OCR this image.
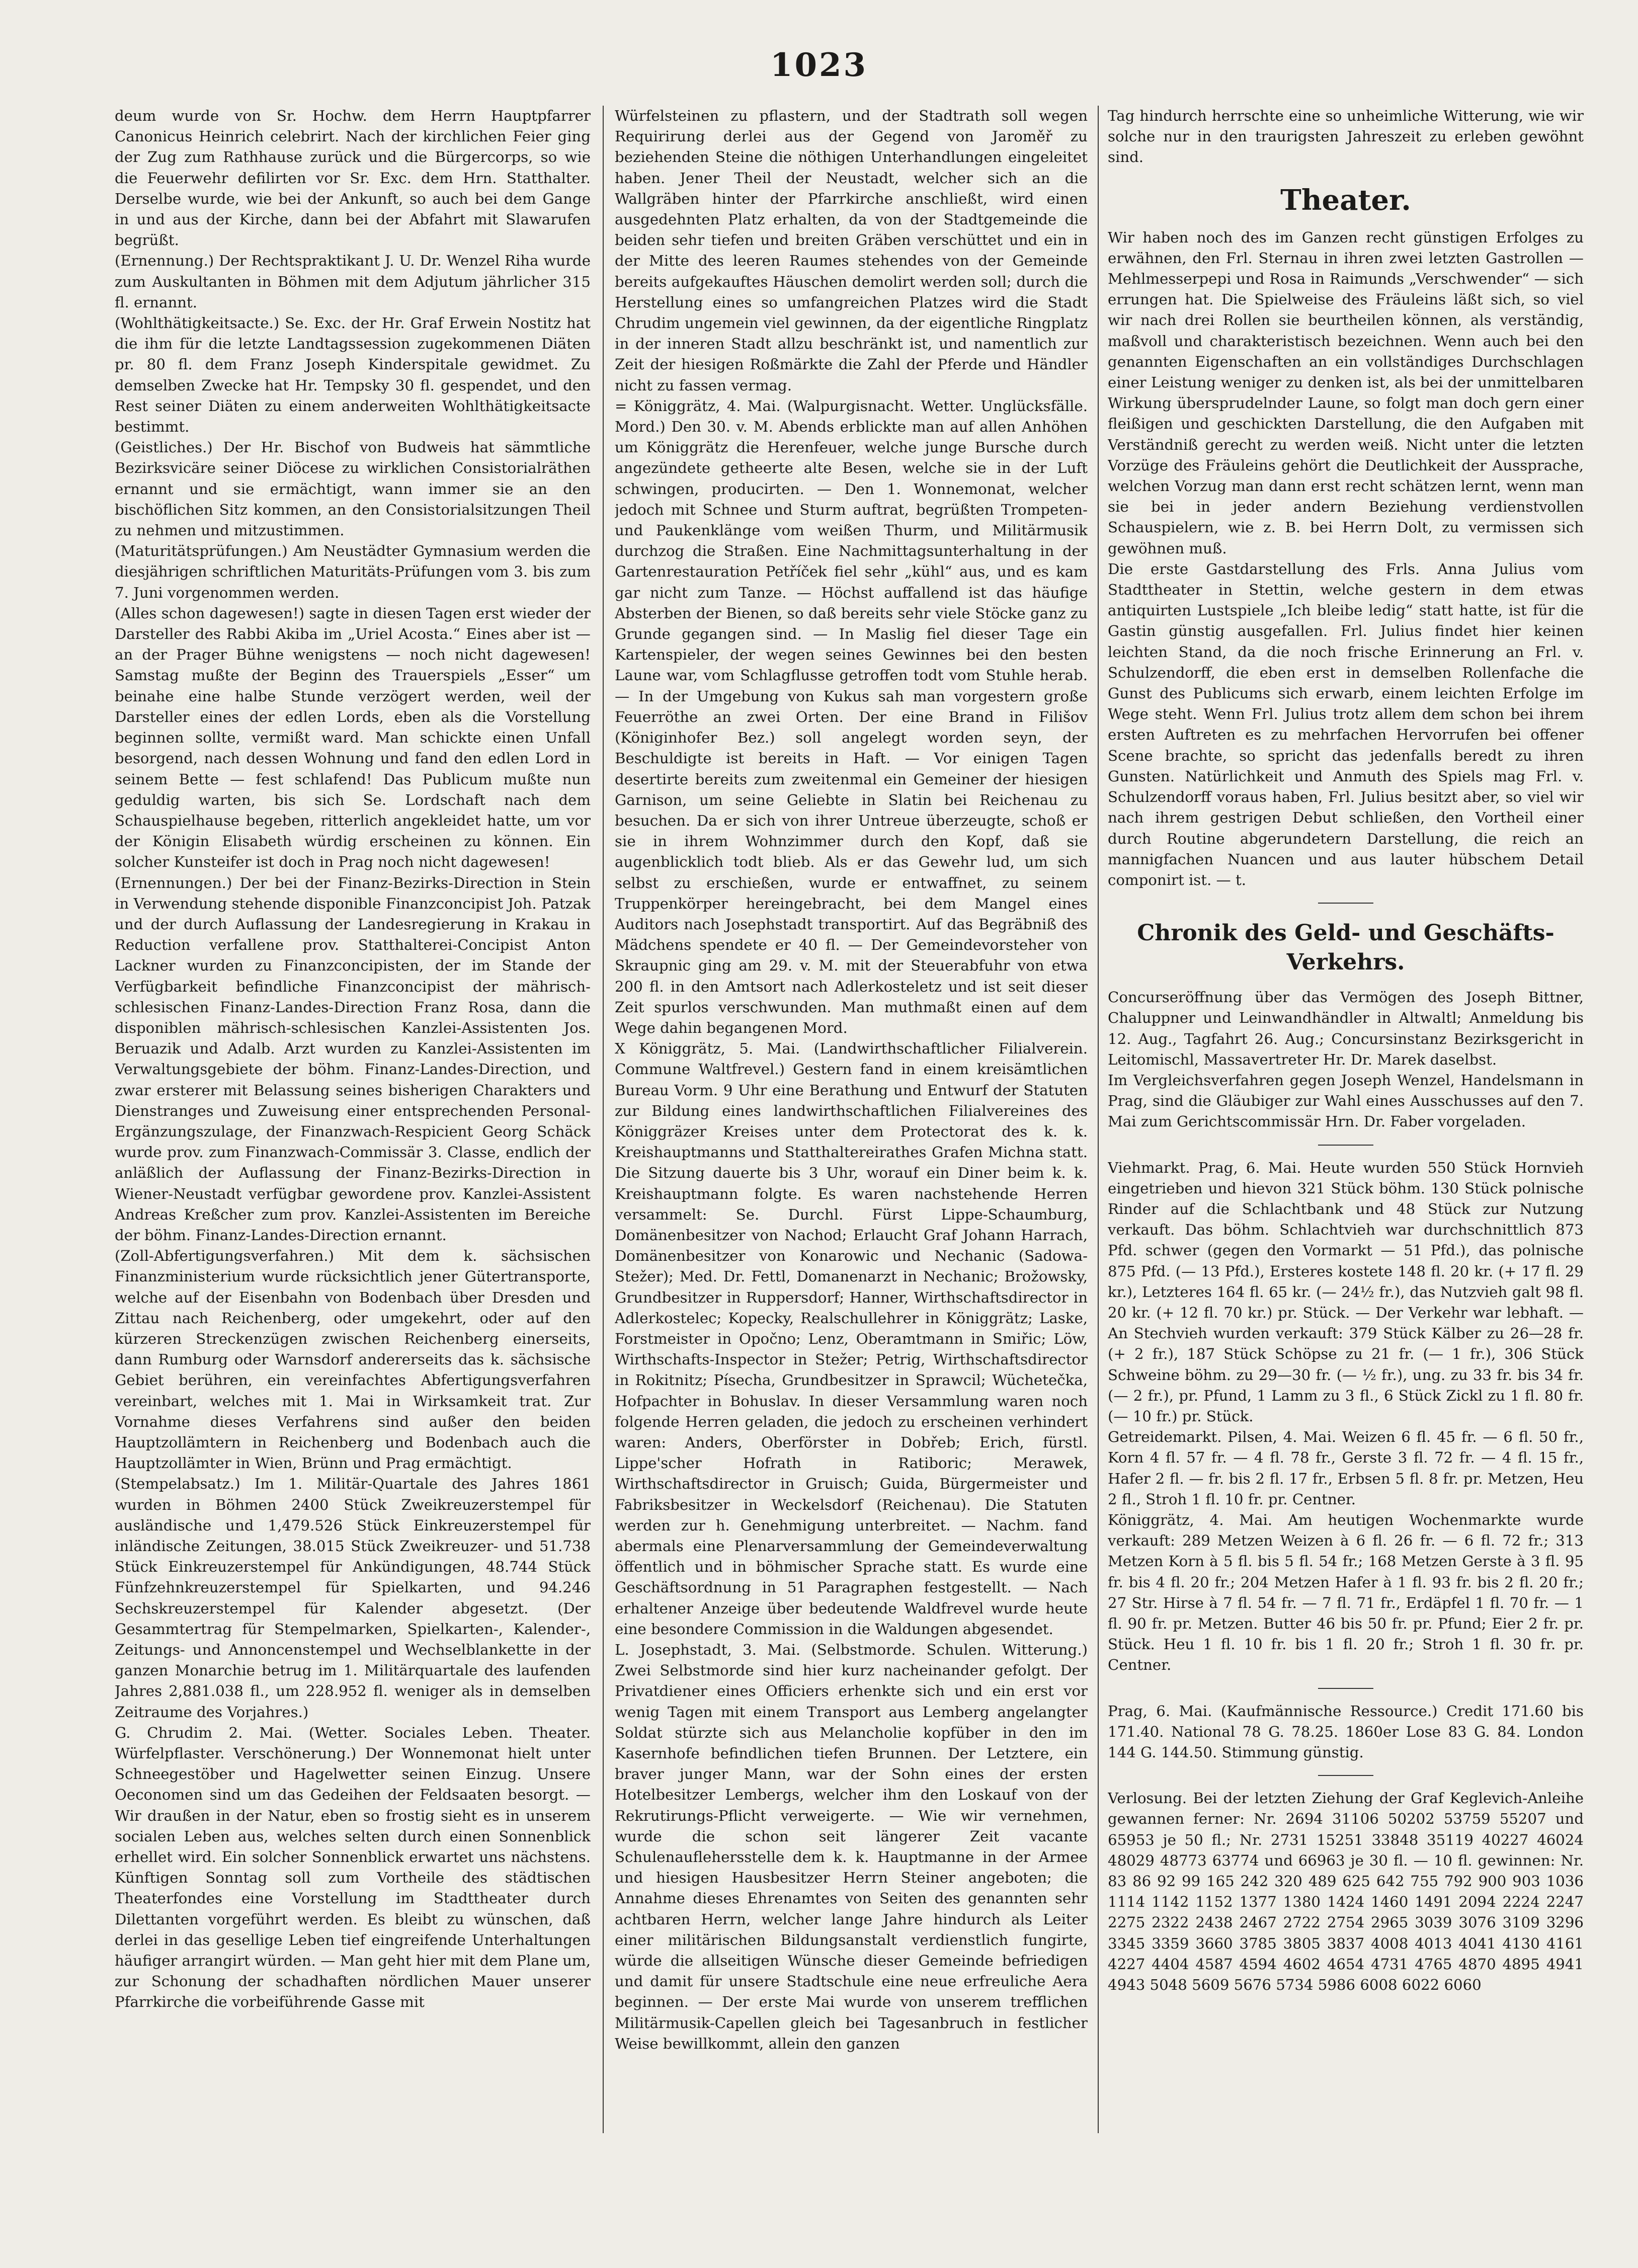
1023

deum wurde von Sr. Hochw. dem Herrn Hauptpfarrer Canonicus Heinrich celebrirt. Nach der kirchlichen Feier ging der Zug zum Rathhause zurück und die Bürgercorps, so wie die Feuerwehr defilirten vor Sr. Exc. dem Hrn. Statthalter. Derselbe wurde, wie bei der Ankunft, so auch bei dem Gange in und aus der Kirche, dann bei der Abfahrt mit Slawarufen begrüßt.

(Ernennung.) Der Rechtspraktikant J. U. Dr. Wenzel Riha wurde zum Auskultanten in Böhmen mit dem Adjutum jährlicher 315 fl. ernannt.

(Wohlthätigkeitsacte.) Se. Exc. der Hr. Graf Erwein Nostitz hat die ihm für die letzte Landtagssession zugekommenen Diäten pr. 80 fl. dem Franz Joseph Kinderspitale gewidmet. Zu demselben Zwecke hat Hr. Tempsky 30 fl. gespendet, und den Rest seiner Diäten zu einem anderweiten Wohlthätigkeitsacte bestimmt.

(Geistliches.) Der Hr. Bischof von Budweis hat sämmtliche Bezirksvicäre seiner Diöcese zu wirklichen Consistorialräthen ernannt und sie ermächtigt, wann immer sie an den bischöflichen Sitz kommen, an den Consistorialsitzungen Theil zu nehmen und mitzustimmen.

(Maturitätsprüfungen.) Am Neustädter Gymnasium werden die diesjährigen schriftlichen Maturitäts-Prüfungen vom 3. bis zum 7. Juni vorgenommen werden.

(Alles schon dagewesen!) sagte in diesen Tagen erst wieder der Darsteller des Rabbi Akiba im „Uriel Acosta.“ Eines aber ist — an der Prager Bühne wenigstens — noch nicht dagewesen! Samstag mußte der Beginn des Trauerspiels „Esser“ um beinahe eine halbe Stunde verzögert werden, weil der Darsteller eines der edlen Lords, eben als die Vorstellung beginnen sollte, vermißt ward. Man schickte einen Unfall besorgend, nach dessen Wohnung und fand den edlen Lord in seinem Bette — fest schlafend! Das Publicum mußte nun geduldig warten, bis sich Se. Lordschaft nach dem Schauspielhause begeben, ritterlich angekleidet hatte, um vor der Königin Elisabeth würdig erscheinen zu können. Ein solcher Kunsteifer ist doch in Prag noch nicht dagewesen!

(Ernennungen.) Der bei der Finanz-Bezirks-Direction in Stein in Verwendung stehende disponible Finanzconcipist Joh. Patzak und der durch Auflassung der Landesregierung in Krakau in Reduction verfallene prov. Statthalterei-Concipist Anton Lackner wurden zu Finanzconcipisten, der im Stande der Verfügbarkeit befindliche Finanzconcipist der mährisch-schlesischen Finanz-Landes-Direction Franz Rosa, dann die disponiblen mährisch-schlesischen Kanzlei-Assistenten Jos. Beruazik und Adalb. Arzt wurden zu Kanzlei-Assistenten im Verwaltungsgebiete der böhm. Finanz-Landes-Direction, und zwar ersterer mit Belassung seines bisherigen Charakters und Dienstranges und Zuweisung einer entsprechenden Personal-Ergänzungszulage, der Finanzwach-Respicient Georg Schäck wurde prov. zum Finanzwach-Commissär 3. Classe, endlich der anläßlich der Auflassung der Finanz-Bezirks-Direction in Wiener-Neustadt verfügbar gewordene prov. Kanzlei-Assistent Andreas Kreßcher zum prov. Kanzlei-Assistenten im Bereiche der böhm. Finanz-Landes-Direction ernannt.

(Zoll-Abfertigungsverfahren.) Mit dem k. sächsischen Finanzministerium wurde rücksichtlich jener Gütertransporte, welche auf der Eisenbahn von Bodenbach über Dresden und Zittau nach Reichenberg, oder umgekehrt, oder auf den kürzeren Streckenzügen zwischen Reichenberg einerseits, dann Rumburg oder Warnsdorf andererseits das k. sächsische Gebiet berühren, ein vereinfachtes Abfertigungsverfahren vereinbart, welches mit 1. Mai in Wirksamkeit trat. Zur Vornahme dieses Verfahrens sind außer den beiden Hauptzollämtern in Reichenberg und Bodenbach auch die Hauptzollämter in Wien, Brünn und Prag ermächtigt.

(Stempelabsatz.) Im 1. Militär-Quartale des Jahres 1861 wurden in Böhmen 2400 Stück Zweikreuzerstempel für ausländische und 1,479.526 Stück Einkreuzerstempel für inländische Zeitungen, 38.015 Stück Zweikreuzer- und 51.738 Stück Einkreuzerstempel für Ankündigungen, 48.744 Stück Fünfzehnkreuzerstempel für Spielkarten, und 94.246 Sechskreuzerstempel für Kalender abgesetzt. (Der Gesammtertrag für Stempelmarken, Spielkarten-, Kalender-, Zeitungs- und Annoncenstempel und Wechselblankette in der ganzen Monarchie betrug im 1. Militärquartale des laufenden Jahres 2,881.038 fl., um 228.952 fl. weniger als in demselben Zeitraume des Vorjahres.)

G. Chrudim 2. Mai. (Wetter. Sociales Leben. Theater. Würfelpflaster. Verschönerung.) Der Wonnemonat hielt unter Schneegestöber und Hagelwetter seinen Einzug. Unsere Oeconomen sind um das Gedeihen der Feldsaaten besorgt. — Wir draußen in der Natur, eben so frostig sieht es in unserem socialen Leben aus, welches selten durch einen Sonnenblick erhellet wird. Ein solcher Sonnenblick erwartet uns nächstens. Künftigen Sonntag soll zum Vortheile des städtischen Theaterfondes eine Vorstellung im Stadttheater durch Dilettanten vorgeführt werden. Es bleibt zu wünschen, daß derlei in das gesellige Leben tief eingreifende Unterhaltungen häufiger arrangirt würden. — Man geht hier mit dem Plane um, zur Schonung der schadhaften nördlichen Mauer unserer Pfarrkirche die vorbeiführende Gasse mit

Würfelsteinen zu pflastern, und der Stadtrath soll wegen Requirirung derlei aus der Gegend von Jaroměř zu beziehenden Steine die nöthigen Unterhandlungen eingeleitet haben. Jener Theil der Neustadt, welcher sich an die Wallgräben hinter der Pfarrkirche anschließt, wird einen ausgedehnten Platz erhalten, da von der Stadtgemeinde die beiden sehr tiefen und breiten Gräben verschüttet und ein in der Mitte des leeren Raumes stehendes von der Gemeinde bereits aufgekauftes Häuschen demolirt werden soll; durch die Herstellung eines so umfangreichen Platzes wird die Stadt Chrudim ungemein viel gewinnen, da der eigentliche Ringplatz in der inneren Stadt allzu beschränkt ist, und namentlich zur Zeit der hiesigen Roßmärkte die Zahl der Pferde und Händler nicht zu fassen vermag.

= Königgrätz, 4. Mai. (Walpurgisnacht. Wetter. Unglücksfälle. Mord.) Den 30. v. M. Abends erblickte man auf allen Anhöhen um Königgrätz die Herenfeuer, welche junge Bursche durch angezündete getheerte alte Besen, welche sie in der Luft schwingen, producirten. — Den 1. Wonnemonat, welcher jedoch mit Schnee und Sturm auftrat, begrüßten Trompeten- und Paukenklänge vom weißen Thurm, und Militärmusik durchzog die Straßen. Eine Nachmittagsunterhaltung in der Gartenrestauration Petříček fiel sehr „kühl“ aus, und es kam gar nicht zum Tanze. — Höchst auffallend ist das häufige Absterben der Bienen, so daß bereits sehr viele Stöcke ganz zu Grunde gegangen sind. — In Maslig fiel dieser Tage ein Kartenspieler, der wegen seines Gewinnes bei den besten Laune war, vom Schlagflusse getroffen todt vom Stuhle herab. — In der Umgebung von Kukus sah man vorgestern große Feuerröthe an zwei Orten. Der eine Brand in Filišov (Königinhofer Bez.) soll angelegt worden seyn, der Beschuldigte ist bereits in Haft. — Vor einigen Tagen desertirte bereits zum zweitenmal ein Gemeiner der hiesigen Garnison, um seine Geliebte in Slatin bei Reichenau zu besuchen. Da er sich von ihrer Untreue überzeugte, schoß er sie in ihrem Wohnzimmer durch den Kopf, daß sie augenblicklich todt blieb. Als er das Gewehr lud, um sich selbst zu erschießen, wurde er entwaffnet, zu seinem Truppenkörper hereingebracht, bei dem Mangel eines Auditors nach Josephstadt transportirt. Auf das Begräbniß des Mädchens spendete er 40 fl. — Der Gemeindevorsteher von Skraupnic ging am 29. v. M. mit der Steuerabfuhr von etwa 200 fl. in den Amtsort nach Adlerkosteletz und ist seit dieser Zeit spurlos verschwunden. Man muthmaßt einen auf dem Wege dahin begangenen Mord.

X Königgrätz, 5. Mai. (Landwirthschaftlicher Filialverein. Commune Waltfrevel.) Gestern fand in einem kreisämtlichen Bureau Vorm. 9 Uhr eine Berathung und Entwurf der Statuten zur Bildung eines landwirthschaftlichen Filialvereines des Königgräzer Kreises unter dem Protectorat des k. k. Kreishauptmanns und Statthaltereirathes Grafen Michna statt. Die Sitzung dauerte bis 3 Uhr, worauf ein Diner beim k. k. Kreishauptmann folgte. Es waren nachstehende Herren versammelt: Se. Durchl. Fürst Lippe-Schaumburg, Domänenbesitzer von Nachod; Erlaucht Graf Johann Harrach, Domänenbesitzer von Konarowic und Nechanic (Sadowa-Stežer); Med. Dr. Fettl, Domanenarzt in Nechanic; Brožowsky, Grundbesitzer in Ruppersdorf; Hanner, Wirthschaftsdirector in Adlerkostelec; Kopecky, Realschullehrer in Königgrätz; Laske, Forstmeister in Opočno; Lenz, Oberamtmann in Smiřic; Löw, Wirthschafts-Inspector in Stežer; Petrig, Wirthschaftsdirector in Rokitnitz; Písecha, Grundbesitzer in Sprawcil; Wüchetečka, Hofpachter in Bohuslav. In dieser Versammlung waren noch folgende Herren geladen, die jedoch zu erscheinen verhindert waren: Anders, Oberförster in Dobřeb; Erich, fürstl. Lippe'scher Hofrath in Ratiboric; Merawek, Wirthschaftsdirector in Gruisch; Guida, Bürgermeister und Fabriksbesitzer in Weckelsdorf (Reichenau). Die Statuten werden zur h. Genehmigung unterbreitet. — Nachm. fand abermals eine Plenarversammlung der Gemeindeverwaltung öffentlich und in böhmischer Sprache statt. Es wurde eine Geschäftsordnung in 51 Paragraphen festgestellt. — Nach erhaltener Anzeige über bedeutende Waldfrevel wurde heute eine besondere Commission in die Waldungen abgesendet.

L. Josephstadt, 3. Mai. (Selbstmorde. Schulen. Witterung.) Zwei Selbstmorde sind hier kurz nacheinander gefolgt. Der Privatdiener eines Officiers erhenkte sich und ein erst vor wenig Tagen mit einem Transport aus Lemberg angelangter Soldat stürzte sich aus Melancholie kopfüber in den im Kasernhofe befindlichen tiefen Brunnen. Der Letztere, ein braver junger Mann, war der Sohn eines der ersten Hotelbesitzer Lembergs, welcher ihm den Loskauf von der Rekrutirungs-Pflicht verweigerte. — Wie wir vernehmen, wurde die schon seit längerer Zeit vacante Schulenauflehersstelle dem k. k. Hauptmanne in der Armee und hiesigen Hausbesitzer Herrn Steiner angeboten; die Annahme dieses Ehrenamtes von Seiten des genannten sehr achtbaren Herrn, welcher lange Jahre hindurch als Leiter einer militärischen Bildungsanstalt verdienstlich fungirte, würde die allseitigen Wünsche dieser Gemeinde befriedigen und damit für unsere Stadtschule eine neue erfreuliche Aera beginnen. — Der erste Mai wurde von unserem trefflichen Militärmusik-Capellen gleich bei Tagesanbruch in festlicher Weise bewillkommt, allein den ganzen

Tag hindurch herrschte eine so unheimliche Witterung, wie wir solche nur in den traurigsten Jahreszeit zu erleben gewöhnt sind.

Theater.

Wir haben noch des im Ganzen recht günstigen Erfolges zu erwähnen, den Frl. Sternau in ihren zwei letzten Gastrollen — Mehlmesserpepi und Rosa in Raimunds „Verschwender“ — sich errungen hat. Die Spielweise des Fräuleins läßt sich, so viel wir nach drei Rollen sie beurtheilen können, als verständig, maßvoll und charakteristisch bezeichnen. Wenn auch bei den genannten Eigenschaften an ein vollständiges Durchschlagen einer Leistung weniger zu denken ist, als bei der unmittelbaren Wirkung übersprudelnder Laune, so folgt man doch gern einer fleißigen und geschickten Darstellung, die den Aufgaben mit Verständniß gerecht zu werden weiß. Nicht unter die letzten Vorzüge des Fräuleins gehört die Deutlichkeit der Aussprache, welchen Vorzug man dann erst recht schätzen lernt, wenn man sie bei in jeder andern Beziehung verdienstvollen Schauspielern, wie z. B. bei Herrn Dolt, zu vermissen sich gewöhnen muß.

Die erste Gastdarstellung des Frls. Anna Julius vom Stadttheater in Stettin, welche gestern in dem etwas antiquirten Lustspiele „Ich bleibe ledig“ statt hatte, ist für die Gastin günstig ausgefallen. Frl. Julius findet hier keinen leichten Stand, da die noch frische Erinnerung an Frl. v. Schulzendorff, die eben erst in demselben Rollenfache die Gunst des Publicums sich erwarb, einem leichten Erfolge im Wege steht. Wenn Frl. Julius trotz allem dem schon bei ihrem ersten Auftreten es zu mehrfachen Hervorrufen bei offener Scene brachte, so spricht das jedenfalls beredt zu ihren Gunsten. Natürlichkeit und Anmuth des Spiels mag Frl. v. Schulzendorff voraus haben, Frl. Julius besitzt aber, so viel wir nach ihrem gestrigen Debut schließen, den Vortheil einer durch Routine abgerundetern Darstellung, die reich an mannigfachen Nuancen und aus lauter hübschem Detail componirt ist. — t.

Chronik des Geld- und Geschäfts-Verkehrs.

Concurseröffnung über das Vermögen des Joseph Bittner, Chaluppner und Leinwandhändler in Altwaltl; Anmeldung bis 12. Aug., Tagfahrt 26. Aug.; Concursinstanz Bezirksgericht in Leitomischl, Massavertreter Hr. Dr. Marek daselbst.

Im Vergleichsverfahren gegen Joseph Wenzel, Handelsmann in Prag, sind die Gläubiger zur Wahl eines Ausschusses auf den 7. Mai zum Gerichtscommissär Hrn. Dr. Faber vorgeladen.

Viehmarkt. Prag, 6. Mai. Heute wurden 550 Stück Hornvieh eingetrieben und hievon 321 Stück böhm. 130 Stück polnische Rinder auf die Schlachtbank und 48 Stück zur Nutzung verkauft. Das böhm. Schlachtvieh war durchschnittlich 873 Pfd. schwer (gegen den Vormarkt — 51 Pfd.), das polnische 875 Pfd. (— 13 Pfd.), Ersteres kostete 148 fl. 20 kr. (+ 17 fl. 29 kr.), Letzteres 164 fl. 65 kr. (— 24½ fr.), das Nutzvieh galt 98 fl. 20 kr. (+ 12 fl. 70 kr.) pr. Stück. — Der Verkehr war lebhaft. — An Stechvieh wurden verkauft: 379 Stück Kälber zu 26—28 fr. (+ 2 fr.), 187 Stück Schöpse zu 21 fr. (— 1 fr.), 306 Stück Schweine böhm. zu 29—30 fr. (— ½ fr.), ung. zu 33 fr. bis 34 fr. (— 2 fr.), pr. Pfund, 1 Lamm zu 3 fl., 6 Stück Zickl zu 1 fl. 80 fr. (— 10 fr.) pr. Stück.

Getreidemarkt. Pilsen, 4. Mai. Weizen 6 fl. 45 fr. — 6 fl. 50 fr., Korn 4 fl. 57 fr. — 4 fl. 78 fr., Gerste 3 fl. 72 fr. — 4 fl. 15 fr., Hafer 2 fl. — fr. bis 2 fl. 17 fr., Erbsen 5 fl. 8 fr. pr. Metzen, Heu 2 fl., Stroh 1 fl. 10 fr. pr. Centner.

Königgrätz, 4. Mai. Am heutigen Wochenmarkte wurde verkauft: 289 Metzen Weizen à 6 fl. 26 fr. — 6 fl. 72 fr.; 313 Metzen Korn à 5 fl. bis 5 fl. 54 fr.; 168 Metzen Gerste à 3 fl. 95 fr. bis 4 fl. 20 fr.; 204 Metzen Hafer à 1 fl. 93 fr. bis 2 fl. 20 fr.; 27 Str. Hirse à 7 fl. 54 fr. — 7 fl. 71 fr., Erdäpfel 1 fl. 70 fr. — 1 fl. 90 fr. pr. Metzen. Butter 46 bis 50 fr. pr. Pfund; Eier 2 fr. pr. Stück. Heu 1 fl. 10 fr. bis 1 fl. 20 fr.; Stroh 1 fl. 30 fr. pr. Centner.

Prag, 6. Mai. (Kaufmännische Ressource.) Credit 171.60 bis 171.40. National 78 G. 78.25. 1860er Lose 83 G. 84. London 144 G. 144.50. Stimmung günstig.

Verlosung. Bei der letzten Ziehung der Graf Keglevich-Anleihe gewannen ferner: Nr. 2694 31106 50202 53759 55207 und 65953 je 50 fl.; Nr. 2731 15251 33848 35119 40227 46024 48029 48773 63774 und 66963 je 30 fl. — 10 fl. gewinnen: Nr. 83 86 92 99 165 242 320 489 625 642 755 792 900 903 1036 1114 1142 1152 1377 1380 1424 1460 1491 2094 2224 2247 2275 2322 2438 2467 2722 2754 2965 3039 3076 3109 3296 3345 3359 3660 3785 3805 3837 4008 4013 4041 4130 4161 4227 4404 4587 4594 4602 4654 4731 4765 4870 4895 4941 4943 5048 5609 5676 5734 5986 6008 6022 6060
